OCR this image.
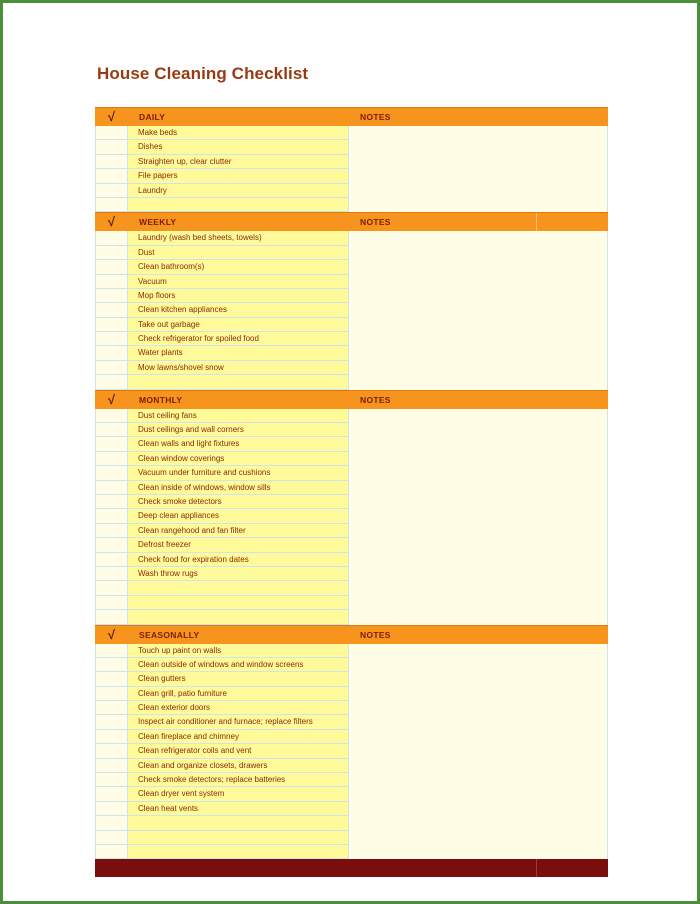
House Cleaning Checklist
√	DAILY	NOTES
Make beds
Dishes
Straighten up, clear clutter
File papers
Laundry
√	WEEKLY	NOTES
Laundry (wash bed sheets, towels)
Dust
Clean bathroom(s)
Vacuum
Mop floors
Clean kitchen appliances
Take out garbage
Check refrigerator for spoiled food
Water plants
Mow lawns/shovel snow
√	MONTHLY	NOTES
Dust ceiling fans
Dust ceilings and wall corners
Clean walls and light fixtures
Clean window coverings
Vacuum under furniture and cushions
Clean inside of windows, window sills
Check smoke detectors
Deep clean appliances
Clean rangehood and fan filter
Defrost freezer
Check food for expiration dates
Wash throw rugs
√	SEASONALLY	NOTES
Touch up paint on walls
Clean outside of windows and window screens
Clean gutters
Clean grill, patio furniture
Clean exterior doors
Inspect air conditioner and furnace; replace filters
Clean fireplace and chimney
Clean refrigerator coils and vent
Clean and organize closets, drawers
Check smoke detectors; replace batteries
Clean dryer vent system
Clean heat vents
